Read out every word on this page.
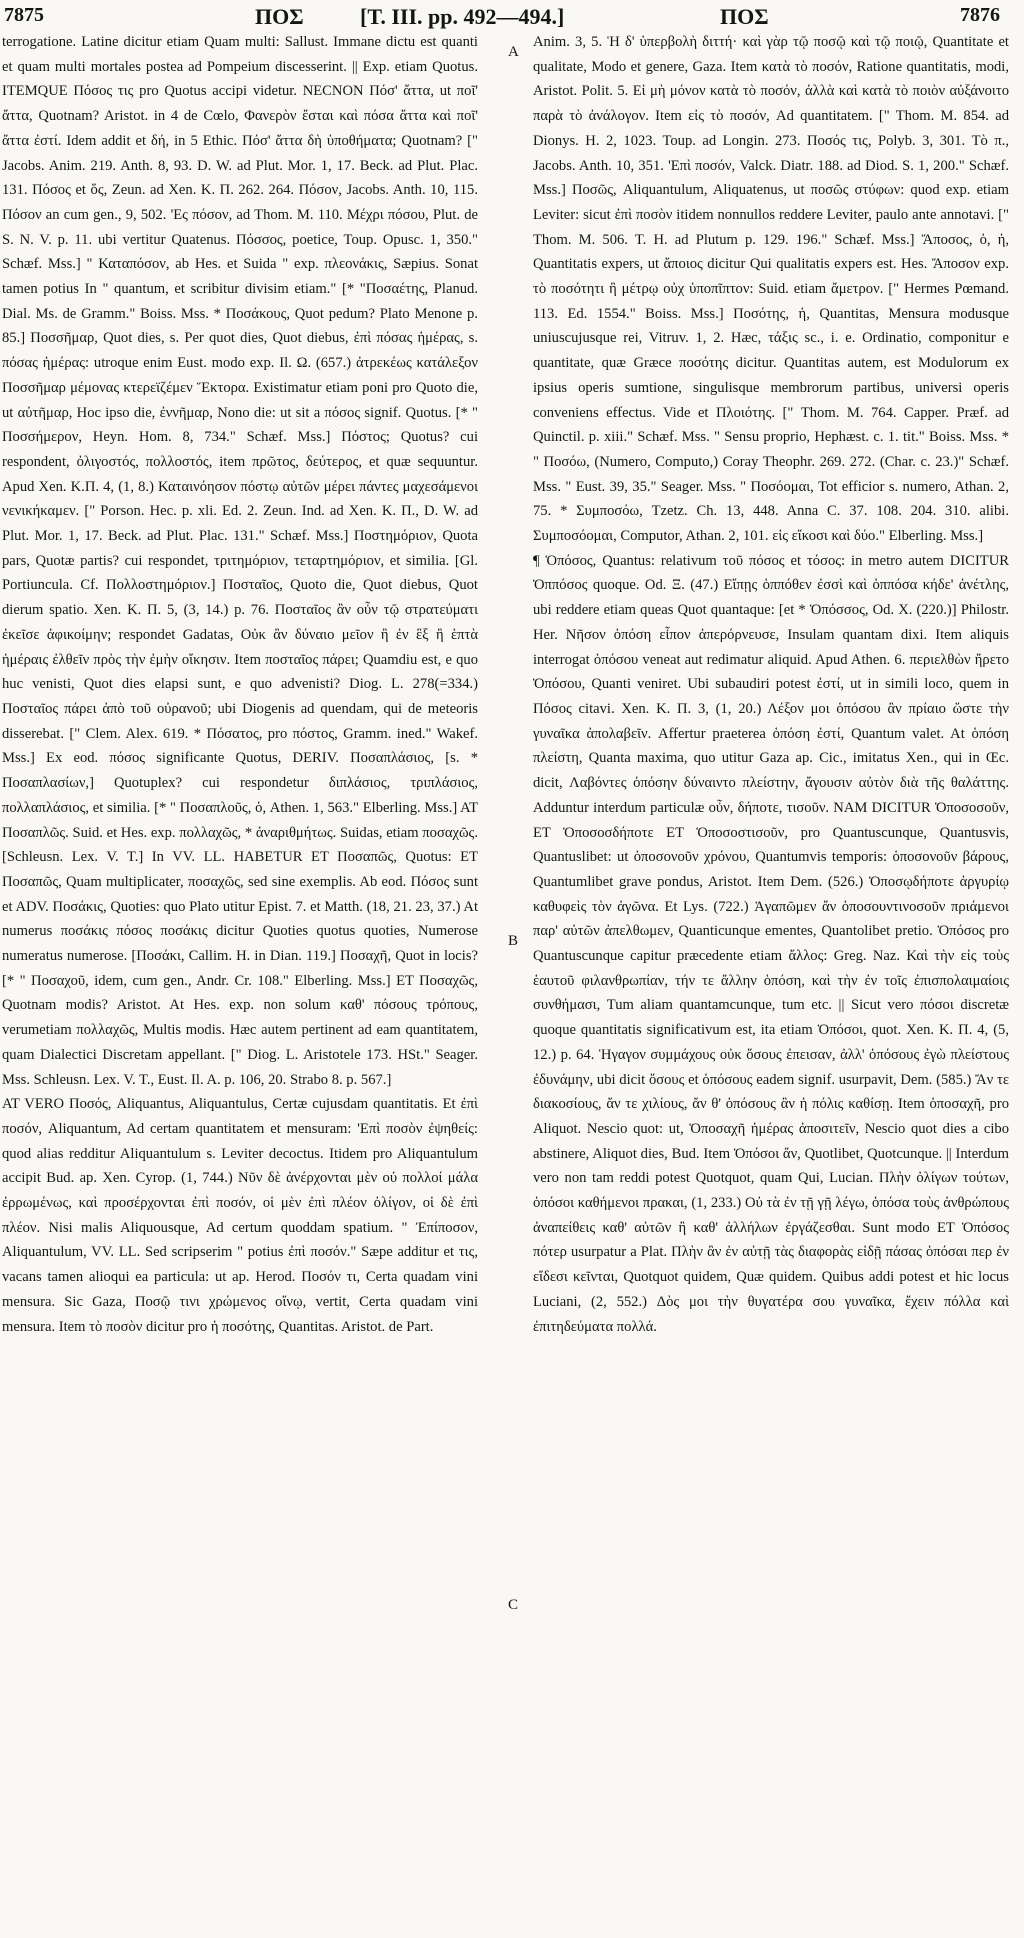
7875	ΠΟΣ	[T. III. pp. 492—494.]	ΠΟΣ	7876

terrogatione. Latine dicitur etiam Quam multi: Sallust. Immane dictu est quanti et quam multi mortales postea ad Pompeium discesserint. || Exp. etiam Quotus. ITEMQUE Πόσος τις pro Quotus accipi videtur. NECNON Πόσ' ἄττα, ut ποῖ' ἄττα, Quotnam? Aristot. in 4 de Cœlo, Φανερὸν ἔσται καὶ πόσα ἄττα καὶ ποῖ' ἄττα ἐστί. Idem addit et δή, in 5 Ethic. Πόσ' ἄττα δὴ ὑποθήματα; Quotnam? [" Jacobs. Anim. 219. Anth. 8, 93. D. W. ad Plut. Mor. 1, 17. Beck. ad Plut. Plac. 131. Πόσος et ὅς, Zeun. ad Xen. K. Π. 262. 264. Πόσον, Jacobs. Anth. 10, 115. Πόσον an cum gen., 9, 502. 'Ες πόσον, ad Thom. M. 110. Μέχρι πόσου, Plut. de S. N. V. p. 11. ubi vertitur Quatenus. Πόσσος, poetice, Toup. Opusc. 1, 350." Schæf. Mss.] " Καταπόσον, ab Hes. et Suida " exp. πλεονάκις, Sæpius. Sonat tamen potius In " quantum, et scribitur divisim etiam." [* "Ποσαέτης, Planud. Dial. Ms. de Gramm." Boiss. Mss. * Ποσάκους, Quot pedum? Plato Menone p. 85.] Ποσσῆμαρ, Quot dies, s. Per quot dies, Quot diebus, ἐπὶ πόσας ἡμέρας, s. πόσας ἡμέρας: utroque enim Eust. modo exp. Il. Ω. (657.) ἀτρεκέως κατάλεξον Ποσσῆμαρ μέμονας κτερεϊζέμεν Ἕκτορα. Existimatur etiam poni pro Quoto die, ut αὐτῆμαρ, Hoc ipso die, ἐννῆμαρ, Nono die: ut sit a πόσος signif. Quotus. [* " Ποσσήμερον, Heyn. Hom. 8, 734." Schæf. Mss.] Πόστος; Quotus? cui respondent, ὀλιγοστός, πολλοστός, item πρῶτος, δεύτερος, et quæ sequuntur. Apud Xen. K.Π. 4, (1, 8.) Καταινόησον πόστῳ αὐτῶν μέρει πάντες μαχεσάμενοι νενικήκαμεν. [" Porson. Hec. p. xli. Ed. 2. Zeun. Ind. ad Xen. K. Π., D. W. ad Plut. Mor. 1, 17. Beck. ad Plut. Plac. 131." Schæf. Mss.] Ποστημόριον, Quota pars, Quotæ partis? cui respondet, τριτημόριον, τεταρτημόριον, et similia. [Gl. Portiuncula. Cf. Πολλοστημόριον.] Ποσταῖος, Quoto die, Quot diebus, Quot dierum spatio. Xen. K. Π. 5, (3, 14.) p. 76. Ποσταῖος ἂν οὖν τῷ στρατεύματι ἐκεῖσε ἀφικοίμην; respondet Gadatas, Οὐκ ἂν δύναιο μεῖον ἢ ἐν ἓξ ἢ ἑπτὰ ἡμέραις ἐλθεῖν πρὸς τὴν ἐμὴν οἴκησιν. Item ποσταῖος πάρει; Quamdiu est, e quo huc venisti, Quot dies elapsi sunt, e quo advenisti? Diog. L. 278(=334.) Ποσταῖος πάρει ἀπὸ τοῦ οὐρανοῦ; ubi Diogenis ad quendam, qui de meteoris disserebat. [" Clem. Alex. 619. * Πόσατος, pro πόστος, Gramm. ined." Wakef. Mss.] Ex eod. πόσος significante Quotus, DERIV. Ποσαπλάσιος, [s. * Ποσαπλασίων,] Quotuplex? cui respondetur διπλάσιος, τριπλάσιος, πολλαπλάσιος, et similia. [* " Ποσαπλοῦς, ὁ, Athen. 1, 563." Elberling. Mss.] AT Ποσαπλῶς. Suid. et Hes. exp. πολλαχῶς, * ἀναριθμήτως. Suidas, etiam ποσαχῶς. [Schleusn. Lex. V. T.] In VV. LL. HABETUR ET Ποσαπῶς, Quotus: ET Ποσαπῶς, Quam multiplicater, ποσαχῶς, sed sine exemplis. Ab eod. Πόσος sunt et ADV. Ποσάκις, Quoties: quo Plato utitur Epist. 7. et Matth. (18, 21. 23, 37.) At numerus ποσάκις πόσος ποσάκις dicitur Quoties quotus quoties, Numerose numeratus numerose. [Ποσάκι, Callim. H. in Dian. 119.] Ποσαχῆ, Quot in locis? [* " Ποσαχοῦ, idem, cum gen., Andr. Cr. 108." Elberling. Mss.] ET Ποσαχῶς, Quotnam modis? Aristot. At Hes. exp. non solum καθ' πόσους τρόπους, verumetiam πολλαχῶς, Multis modis. Hæc autem pertinent ad eam quantitatem, quam Dialectici Discretam appellant. [" Diog. L. Aristotele 173. HSt." Seager. Mss. Schleusn. Lex. V. T., Eust. Il. A. p. 106, 20. Strabo 8. p. 567.]

AT VERO Ποσός, Aliquantus, Aliquantulus, Certæ cujusdam quantitatis. Et ἐπὶ ποσόν, Aliquantum, Ad certam quantitatem et mensuram: 'Επὶ ποσὸν ἐψηθείς: quod alias redditur Aliquantulum s. Leviter decoctus. Itidem pro Aliquantulum accipit Bud. ap. Xen. Cyrop. (1, 744.) Νῦν δὲ ἀνέρχονται μὲν οὐ πολλοί μάλα ἐρρωμένως, καὶ προσέρχονται ἐπὶ ποσόν, οἱ μὲν ἐπὶ πλέον ὀλίγον, οἱ δὲ ἐπὶ πλέον. Nisi malis Aliquousque, Ad certum quoddam spatium. " Ἐπίποσον, Aliquantulum, VV. LL. Sed scripserim " potius ἐπὶ ποσόν." Sæpe additur et τις, vacans tamen alioqui ea particula: ut ap. Herod. Ποσόν τι, Certa quadam vini mensura. Sic Gaza, Ποσῷ τινι χρώμενος οἴνῳ, vertit, Certa quadam vini mensura. Item τὸ ποσὸν dicitur pro ἡ ποσότης, Quantitas. Aristot. de Part.

A
B
C

Anim. 3, 5. Ἡ δ' ὑπερβολὴ διττή· καὶ γὰρ τῷ ποσῷ καὶ τῷ ποιῷ, Quantitate et qualitate, Modo et genere, Gaza. Item κατὰ τὸ ποσόν, Ratione quantitatis, modi, Aristot. Polit. 5. Εἰ μὴ μόνον κατὰ τὸ ποσόν, ἀλλὰ καὶ κατὰ τὸ ποιὸν αὐξάνοιτο παρὰ τὸ ἀνάλογον. Item εἰς τὸ ποσόν, Ad quantitatem. [" Thom. M. 854. ad Dionys. H. 2, 1023. Toup. ad Longin. 273. Ποσός τις, Polyb. 3, 301. Τὸ π., Jacobs. Anth. 10, 351. 'Επὶ ποσόν, Valck. Diatr. 188. ad Diod. S. 1, 200." Schæf. Mss.] Ποσῶς, Aliquantulum, Aliquatenus, ut ποσῶς στύφων: quod exp. etiam Leviter: sicut ἐπὶ ποσὸν itidem nonnullos reddere Leviter, paulo ante annotavi. [" Thom. M. 506. T. H. ad Plutum p. 129. 196." Schæf. Mss.] Ἄποσος, ὁ, ἡ, Quantitatis expers, ut ἄποιος dicitur Qui qualitatis expers est. Hes. Ἄποσον exp. τὸ ποσότητι ἢ μέτρῳ οὐχ ὑποπῖπτον: Suid. etiam ἄμετρον. [" Hermes Pœmand. 113. Ed. 1554." Boiss. Mss.] Ποσότης, ἡ, Quantitas, Mensura modusque uniuscujusque rei, Vitruv. 1, 2. Hæc, τάξις sc., i. e. Ordinatio, componitur e quantitate, quæ Græce ποσότης dicitur. Quantitas autem, est Modulorum ex ipsius operis sumtione, singulisque membrorum partibus, universi operis conveniens effectus. Vide et Πλοιότης. [" Thom. M. 764. Capper. Præf. ad Quinctil. p. xiii." Schæf. Mss. " Sensu proprio, Hephæst. c. 1. tit." Boiss. Mss. * " Ποσόω, (Numero, Computo,) Coray Theophr. 269. 272. (Char. c. 23.)" Schæf. Mss. " Eust. 39, 35." Seager. Mss. " Ποσόομαι, Tot efficior s. numero, Athan. 2, 75. * Συμποσόω, Tzetz. Ch. 13, 448. Anna C. 37. 108. 204. 310. alibi. Συμποσόομαι, Computor, Athan. 2, 101. εἰς εἴκοσι καὶ δύο." Elberling. Mss.]

¶ Ὁπόσος, Quantus: relativum τοῦ πόσος et τόσος: in metro autem DICITUR Ὁππόσος quoque. Od. Ξ. (47.) Εἴπῃς ὁππόθεν ἐσσὶ καὶ ὁππόσα κήδε' ἀνέτλης, ubi reddere etiam queas Quot quantaque: [et * Ὁπόσσος, Od. X. (220.)] Philostr. Her. Νῆσον ὁπόση εἶπον ἀπερόρνευσε, Insulam quantam dixi. Item aliquis interrogat ὁπόσου veneat aut redimatur aliquid. Apud Athen. 6. περιελθὼν ἤρετο Ὁπόσου, Quanti veniret. Ubi subaudiri potest ἐστί, ut in simili loco, quem in Πόσος citavi. Xen. K. Π. 3, (1, 20.) Λέξον μοι ὁπόσου ἂν πρίαιο ὥστε τὴν γυναῖκα ἀπολαβεῖν. Affertur praeterea ὁπόση ἐστί, Quantum valet. At ὁπόση πλείστη, Quanta maxima, quo utitur Gaza ap. Cic., imitatus Xen., qui in Œc. dicit, Λαβόντες ὁπόσην δύναιντο πλείστην, ἄγουσιν αὐτὸν διὰ τῆς θαλάττης. Adduntur interdum particulæ οὖν, δήποτε, τισοῦν. NAM DICITUR Ὁποσοσοῦν, ET Ὁποσοσδήποτε ET Ὁποσοστισοῦν, pro Quantuscunque, Quantusvis, Quantuslibet: ut ὁποσονοῦν χρόνου, Quantumvis temporis: ὁποσονοῦν βάρους, Quantumlibet grave pondus, Aristot. Item Dem. (526.) Ὁποσῳδήποτε ἀργυρίῳ καθυφεὶς τὸν ἀγῶνα. Et Lys. (722.) Ἀγαπῶμεν ἄν ὁποσουντινοσοῦν πριάμενοι παρ' αὐτῶν ἀπελθωμεν, Quanticunque ementes, Quantolibet pretio. Ὁπόσος pro Quantuscunque capitur præcedente etiam ἄλλος: Greg. Naz. Καὶ τὴν εἰς τοὺς ἑαυτοῦ φιλανθρωπίαν, τήν τε ἄλλην ὁπόση, καὶ τὴν ἐν τοῖς ἐπισπολαιμαίοις συνθήμασι, Tum aliam quantamcunque, tum etc. || Sicut vero πόσοι discretæ quoque quantitatis significativum est, ita etiam Ὁπόσοι, quot. Xen. K. Π. 4, (5, 12.) p. 64. Ἡγαγον συμμάχους οὐκ ὅσους ἐπεισαν, ἀλλ' ὁπόσους ἐγὼ πλείστους ἐδυνάμην, ubi dicit ὅσους et ὁπόσους eadem signif. usurpavit, Dem. (585.) Ἄν τε διακοσίους, ἄν τε χιλίους, ἄν θ' ὁπόσους ἂν ἡ πόλις καθίσῃ. Item ὁποσαχῆ, pro Aliquot. Nescio quot: ut, Ὁποσαχῆ ἡμέρας ἀποσιτεῖν, Nescio quot dies a cibo abstinere, Aliquot dies, Bud. Item Ὁπόσοι ἄν, Quotlibet, Quotcunque. || Interdum vero non tam reddi potest Quotquot, quam Qui, Lucian. Πλὴν ὀλίγων τούτων, ὁπόσοι καθήμενοι πρακαι, (1, 233.) Οὐ τὰ ἐν τῇ γῇ λέγω, ὁπόσα τοὺς ἀνθρώπους ἀναπείθεις καθ' αὐτῶν ἢ καθ' ἀλλήλων ἐργάζεσθαι. Sunt modo ET Ὁπόσος πότερ usurpatur a Plat. Πλὴν ἂν ἐν αὐτῇ τὰς διαφορὰς εἰδῇ πάσας ὁπόσαι περ ἐν εἴδεσι κεῖνται, Quotquot quidem, Quæ quidem. Quibus addi potest et hic locus Luciani, (2, 552.) Δὸς μοι τὴν θυγατέρα σου γυναῖκα, ἔχειν πόλλα καὶ ἐπιτηδεύματα πολλά.
